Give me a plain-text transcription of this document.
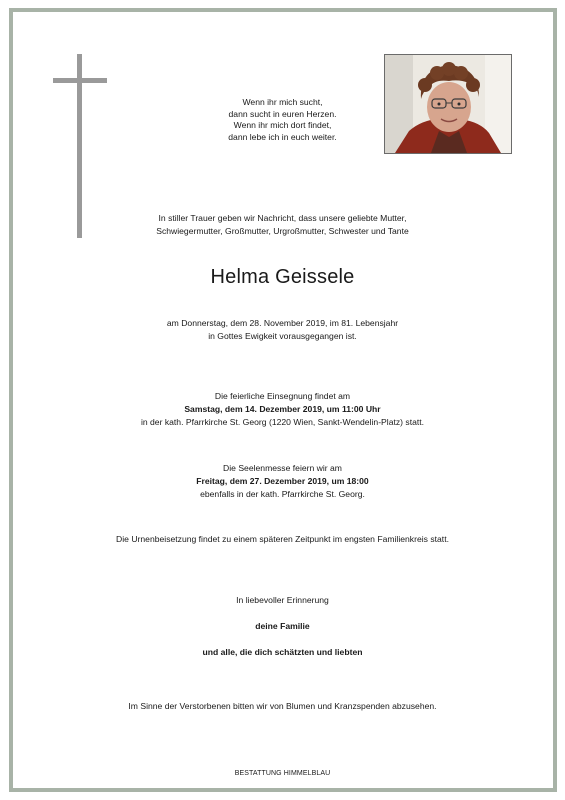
Wenn ihr mich sucht,
dann sucht in euren Herzen.
Wenn ihr mich dort findet,
dann lebe ich in euch weiter.
In stiller Trauer geben wir Nachricht, dass unsere geliebte Mutter,
Schwiegermutter, Großmutter, Urgroßmutter, Schwester und Tante
Helma Geissele
am Donnerstag, dem 28. November 2019, im 81. Lebensjahr
in Gottes Ewigkeit vorausgegangen ist.
Die feierliche Einsegnung findet am
Samstag, dem 14. Dezember 2019, um 11:00 Uhr
in der kath. Pfarrkirche St. Georg (1220 Wien, Sankt-Wendelin-Platz) statt.
Die Seelenmesse feiern wir am
Freitag, dem 27. Dezember 2019, um 18:00
ebenfalls in der kath. Pfarrkirche St. Georg.
Die Urnenbeisetzung findet zu einem späteren Zeitpunkt im engsten Familienkreis statt.
In liebevoller Erinnerung
deine Familie
und alle, die dich schätzten und liebten
Im Sinne der Verstorbenen bitten wir von Blumen und Kranzspenden abzusehen.
BESTATTUNG HIMMELBLAU
